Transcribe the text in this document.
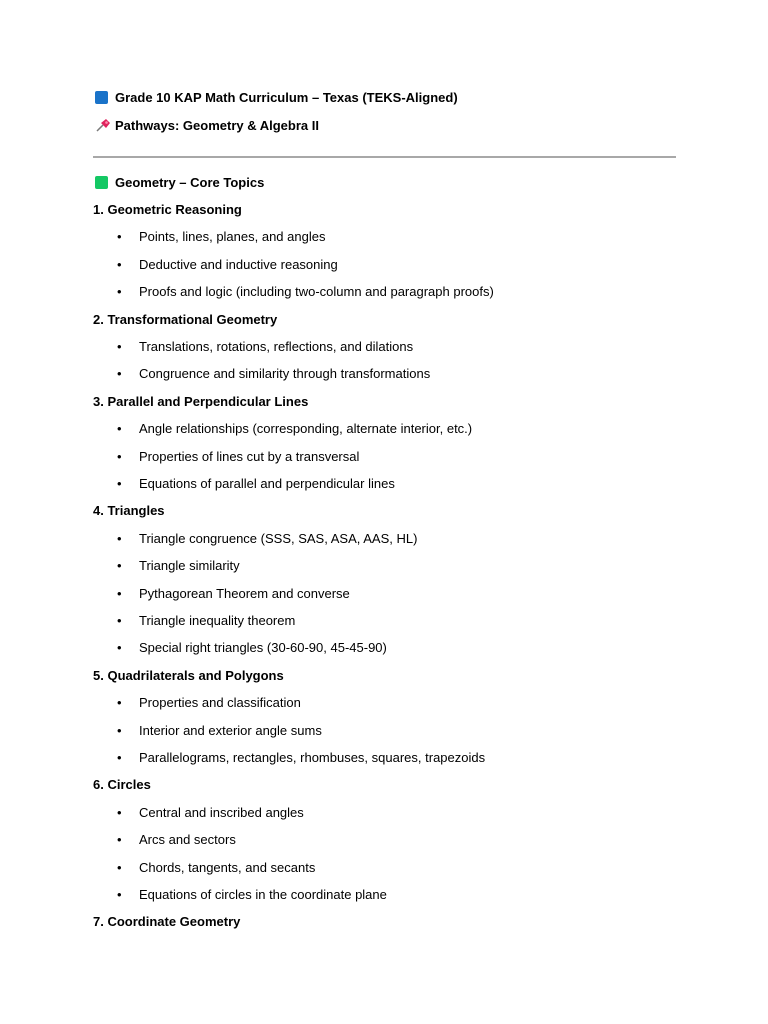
Grade 10 KAP Math Curriculum – Texas (TEKS-Aligned)
Pathways: Geometry & Algebra II
Geometry – Core Topics
1. Geometric Reasoning
• Points, lines, planes, and angles
• Deductive and inductive reasoning
• Proofs and logic (including two-column and paragraph proofs)
2. Transformational Geometry
• Translations, rotations, reflections, and dilations
• Congruence and similarity through transformations
3. Parallel and Perpendicular Lines
• Angle relationships (corresponding, alternate interior, etc.)
• Properties of lines cut by a transversal
• Equations of parallel and perpendicular lines
4. Triangles
• Triangle congruence (SSS, SAS, ASA, AAS, HL)
• Triangle similarity
• Pythagorean Theorem and converse
• Triangle inequality theorem
• Special right triangles (30-60-90, 45-45-90)
5. Quadrilaterals and Polygons
• Properties and classification
• Interior and exterior angle sums
• Parallelograms, rectangles, rhombuses, squares, trapezoids
6. Circles
• Central and inscribed angles
• Arcs and sectors
• Chords, tangents, and secants
• Equations of circles in the coordinate plane
7. Coordinate Geometry
